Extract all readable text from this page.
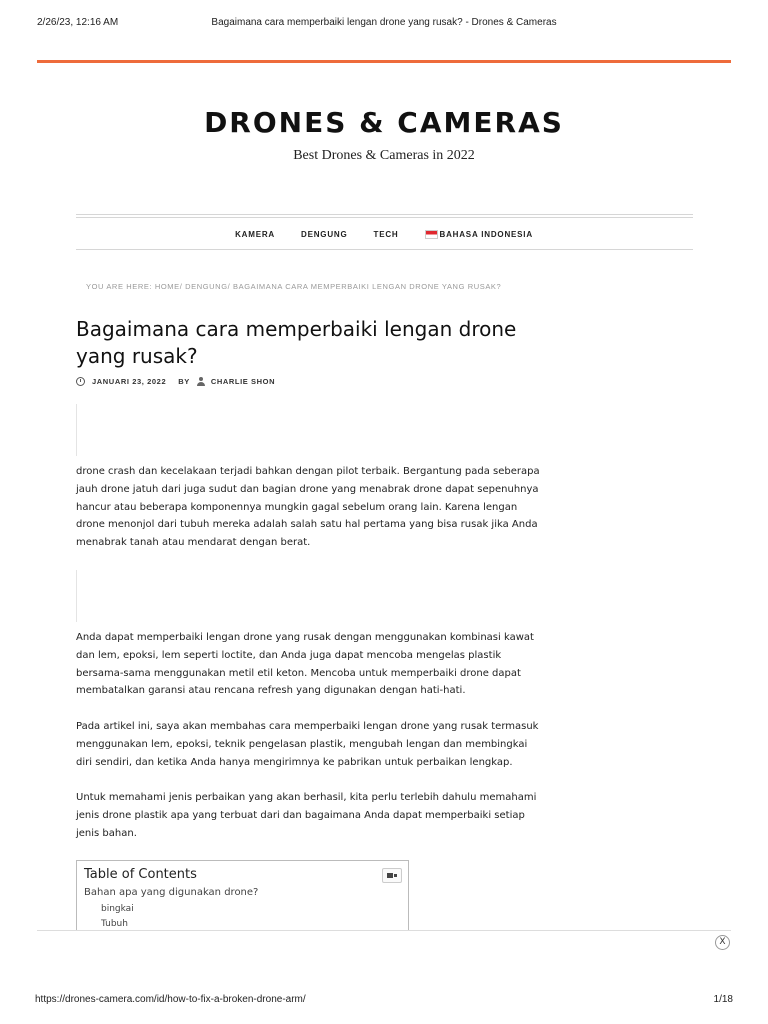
2/26/23, 12:16 AM	Bagaimana cara memperbaiki lengan drone yang rusak? - Drones & Cameras
DRONES & CAMERAS
Best Drones & Cameras in 2022
KAMERA	DENGUNG	TECH	BAHASA INDONESIA
YOU ARE HERE: HOME/ DENGUNG/ BAGAIMANA CARA MEMPERBAIKI LENGAN DRONE YANG RUSAK?
Bagaimana cara memperbaiki lengan drone yang rusak?
JANUARI 23, 2022 BY	CHARLIE SHON

drone crash dan kecelakaan terjadi bahkan dengan pilot terbaik. Bergantung pada seberapa jauh drone jatuh dari juga sudut dan bagian drone yang menabrak drone dapat sepenuhnya hancur atau beberapa komponennya mungkin gagal sebelum orang lain. Karena lengan drone menonjol dari tubuh mereka adalah salah satu hal pertama yang bisa rusak jika Anda menabrak tanah atau mendarat dengan berat.

Anda dapat memperbaiki lengan drone yang rusak dengan menggunakan kombinasi kawat dan lem, epoksi, lem seperti loctite, dan Anda juga dapat mencoba mengelas plastik bersama-sama menggunakan metil etil keton. Mencoba untuk memperbaiki drone dapat membatalkan garansi atau rencana refresh yang digunakan dengan hati-hati.

Pada artikel ini, saya akan membahas cara memperbaiki lengan drone yang rusak termasuk menggunakan lem, epoksi, teknik pengelasan plastik, mengubah lengan dan membingkai diri sendiri, dan ketika Anda hanya mengirimnya ke pabrikan untuk perbaikan lengkap.

Untuk memahami jenis perbaikan yang akan berhasil, kita perlu terlebih dahulu memahami jenis drone plastik apa yang terbuat dari dan bagaimana Anda dapat memperbaiki setiap jenis bahan.

Table of Contents
Bahan apa yang digunakan drone?
bingkai
Tubuh
X
https://drones-camera.com/id/how-to-fix-a-broken-drone-arm/	1/18
